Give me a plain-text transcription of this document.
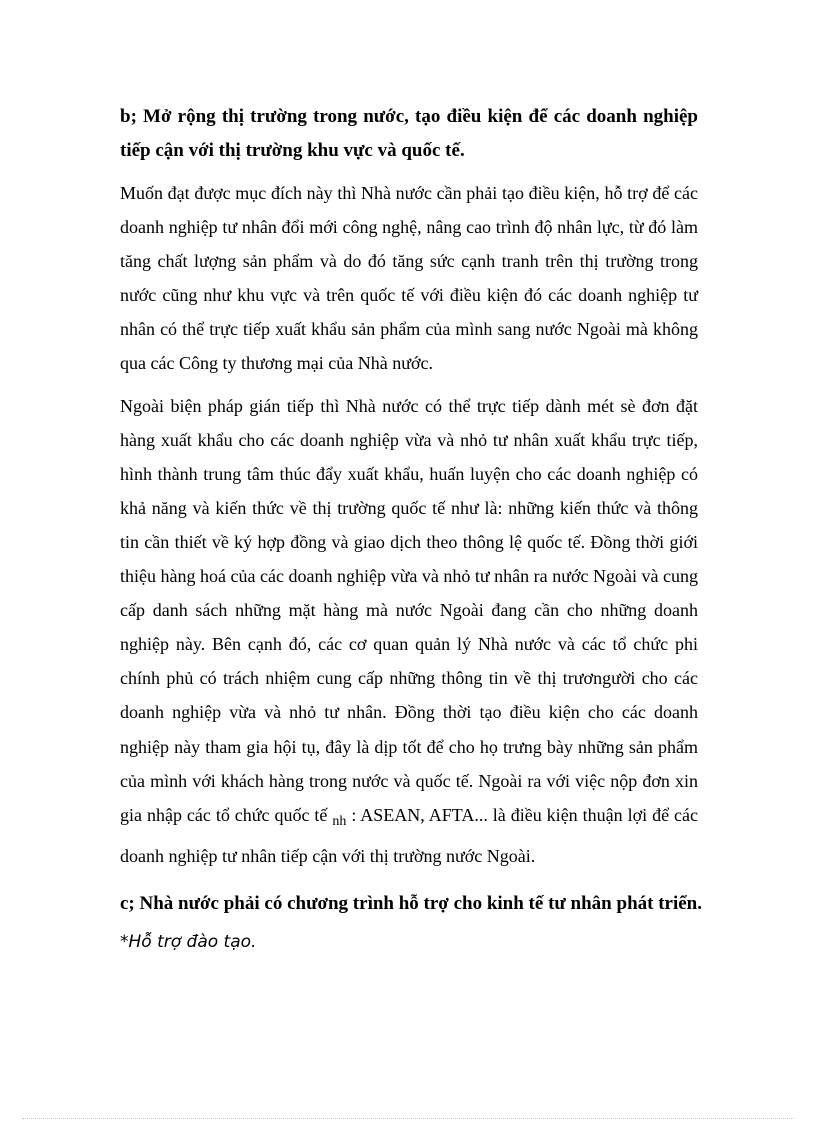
b; Mở rộng thị trường trong nước, tạo điều kiện để các doanh nghiệp tiếp cận với thị trường khu vực và quốc tế.

Muốn đạt được mục đích này thì Nhà nước cần phải tạo điều kiện, hỗ trợ để các doanh nghiệp tư nhân đổi mới công nghệ, nâng cao trình độ nhân lực, từ đó làm tăng chất lượng sản phẩm và do đó tăng sức cạnh tranh trên thị trường trong nước cũng như khu vực và trên quốc tế với điều kiện đó các doanh nghiệp tư nhân có thể trực tiếp xuất khẩu sản phẩm của mình sang nước Ngoài mà không qua các Công ty thương mại của Nhà nước.

Ngoài biện pháp gián tiếp thì Nhà nước có thể trực tiếp dành mét sè đơn đặt hàng xuất khẩu cho các doanh nghiệp vừa và nhỏ tư nhân xuất khẩu trực tiếp, hình thành trung tâm thúc đẩy xuất khẩu, huấn luyện cho các doanh nghiệp có khả năng và kiến thức về thị trường quốc tế như là: những kiến thức và thông tin cần thiết về ký hợp đồng và giao dịch theo thông lệ quốc tế. Đồng thời giới thiệu hàng hoá của các doanh nghiệp vừa và nhỏ tư nhân ra nước Ngoài và cung cấp danh sách những mặt hàng mà nước Ngoài đang cần cho những doanh nghiệp này. Bên cạnh đó, các cơ quan quản lý Nhà nước và các tổ chức phi chính phủ có trách nhiệm cung cấp những thông tin về thị trươngười cho các doanh nghiệp vừa và nhỏ tư nhân. Đồng thời tạo điều kiện cho các doanh nghiệp này tham gia hội tụ, đây là dịp tốt để cho họ trưng bày những sản phẩm của mình với khách hàng trong nước và quốc tế. Ngoài ra với việc nộp đơn xin gia nhập các tổ chức quốc tế $_{nh}$ : ASEAN, AFTA... là điều kiện thuận lợi để các doanh nghiệp tư nhân tiếp cận với thị trường nước Ngoài.

c; Nhà nước phải có chương trình hỗ trợ cho kinh tế tư nhân phát triển.

*Hỗ trợ đào tạo.
